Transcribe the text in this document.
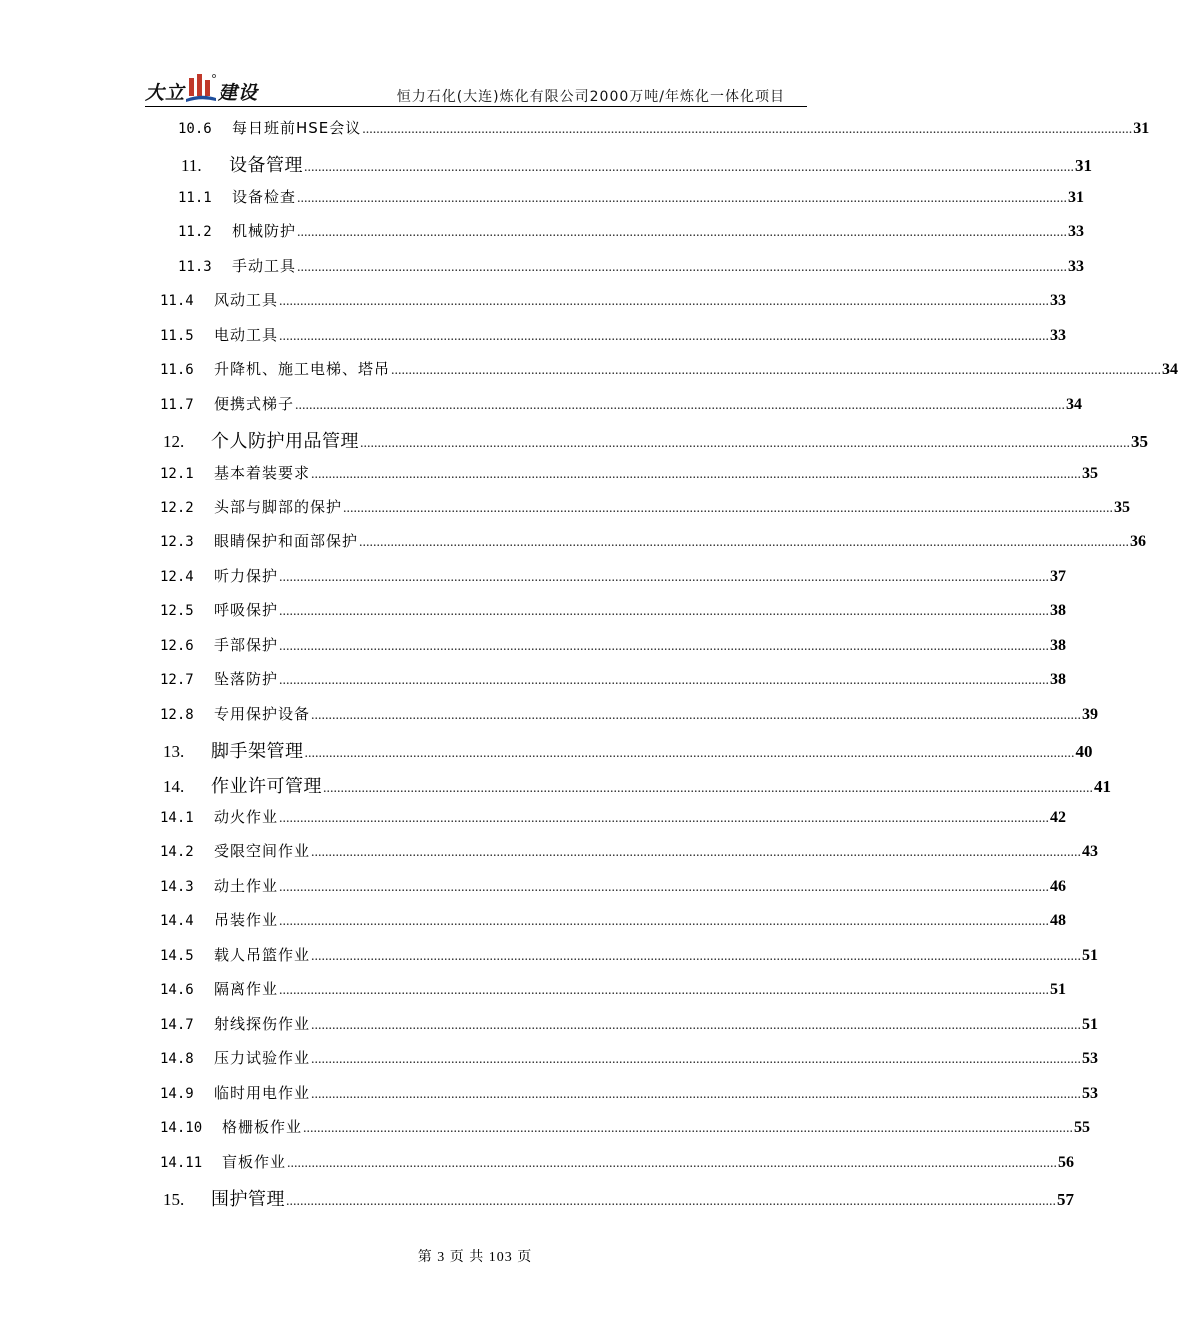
大立 建设	恒力石化(大连)炼化有限公司2000万吨/年炼化一体化项目
10.6	每日班前HSE会议 ............................................................................................................................................................................................................................ 31
11.	设备管理 ............................................................................................................................................................................................................................ 31
11.1	设备检查 ............................................................................................................................................................................................................................ 31
11.2	机械防护 ............................................................................................................................................................................................................................ 33
11.3	手动工具 ............................................................................................................................................................................................................................ 33
11.4	风动工具 ............................................................................................................................................................................................................................ 33
11.5	电动工具 ............................................................................................................................................................................................................................ 33
11.6	升降机、施工电梯、塔吊 ............................................................................................................................................................................................................................ 34
11.7	便携式梯子 ............................................................................................................................................................................................................................ 34
12.	个人防护用品管理 ............................................................................................................................................................................................................................ 35
12.1	基本着装要求 ............................................................................................................................................................................................................................ 35
12.2	头部与脚部的保护 ............................................................................................................................................................................................................................ 35
12.3	眼睛保护和面部保护 ............................................................................................................................................................................................................................ 36
12.4	听力保护 ............................................................................................................................................................................................................................ 37
12.5	呼吸保护 ............................................................................................................................................................................................................................ 38
12.6	手部保护 ............................................................................................................................................................................................................................ 38
12.7	坠落防护 ............................................................................................................................................................................................................................ 38
12.8	专用保护设备 ............................................................................................................................................................................................................................ 39
13.	脚手架管理 ............................................................................................................................................................................................................................ 40
14.	作业许可管理 ............................................................................................................................................................................................................................ 41
14.1	动火作业 ............................................................................................................................................................................................................................ 42
14.2	受限空间作业 ............................................................................................................................................................................................................................ 43
14.3	动土作业 ............................................................................................................................................................................................................................ 46
14.4	吊装作业 ............................................................................................................................................................................................................................ 48
14.5	载人吊篮作业 ............................................................................................................................................................................................................................ 51
14.6	隔离作业 ............................................................................................................................................................................................................................ 51
14.7	射线探伤作业 ............................................................................................................................................................................................................................ 51
14.8	压力试验作业 ............................................................................................................................................................................................................................ 53
14.9	临时用电作业 ............................................................................................................................................................................................................................ 53
14.10	格栅板作业 ............................................................................................................................................................................................................................ 55
14.11	盲板作业 ............................................................................................................................................................................................................................ 56
15.	围护管理 ............................................................................................................................................................................................................................ 57
第 3 页 共 103 页
